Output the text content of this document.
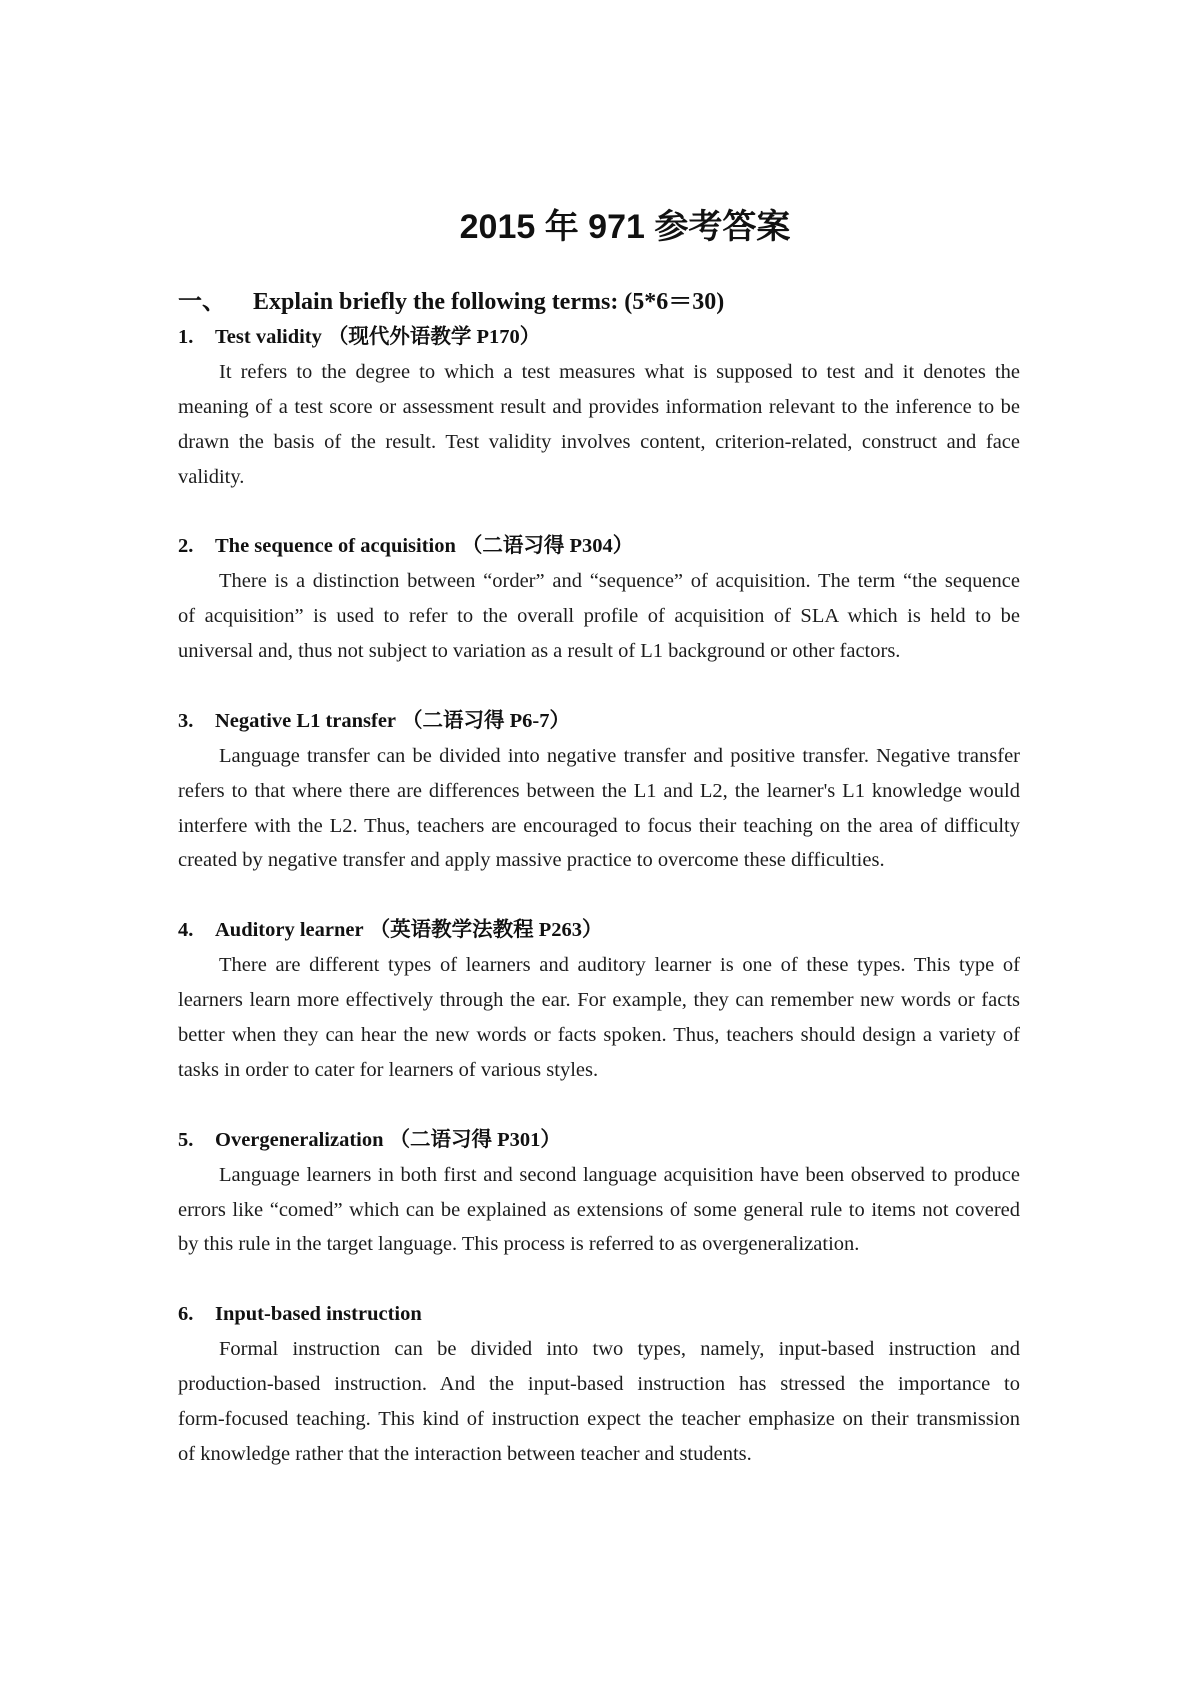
2015 年 971 参考答案
一、 Explain briefly the following terms: (5*6＝30)
1. Test validity （现代外语教学 P170）
It refers to the degree to which a test measures what is supposed to test and it denotes the
meaning of a test score or assessment result and provides information relevant to the inference to be
drawn the basis of the result. Test validity involves content, criterion-related, construct and face
validity.
2. The sequence of acquisition （二语习得 P304）
There is a distinction between “order” and “sequence” of acquisition. The term “the sequence
of acquisition” is used to refer to the overall profile of acquisition of SLA which is held to be
universal and, thus not subject to variation as a result of L1 background or other factors.
3. Negative L1 transfer （二语习得 P6-7）
Language transfer can be divided into negative transfer and positive transfer. Negative transfer
refers to that where there are differences between the L1 and L2, the learner's L1 knowledge would
interfere with the L2. Thus, teachers are encouraged to focus their teaching on the area of difficulty
created by negative transfer and apply massive practice to overcome these difficulties.
4. Auditory learner （英语教学法教程 P263）
There are different types of learners and auditory learner is one of these types. This type of
learners learn more effectively through the ear. For example, they can remember new words or facts
better when they can hear the new words or facts spoken. Thus, teachers should design a variety of
tasks in order to cater for learners of various styles.
5. Overgeneralization （二语习得 P301）
Language learners in both first and second language acquisition have been observed to produce
errors like “comed” which can be explained as extensions of some general rule to items not covered
by this rule in the target language. This process is referred to as overgeneralization.
6. Input-based instruction
Formal instruction can be divided into two types, namely, input-based instruction and
production-based instruction. And the input-based instruction has stressed the importance to
form-focused teaching. This kind of instruction expect the teacher emphasize on their transmission
of knowledge rather that the interaction between teacher and students.
